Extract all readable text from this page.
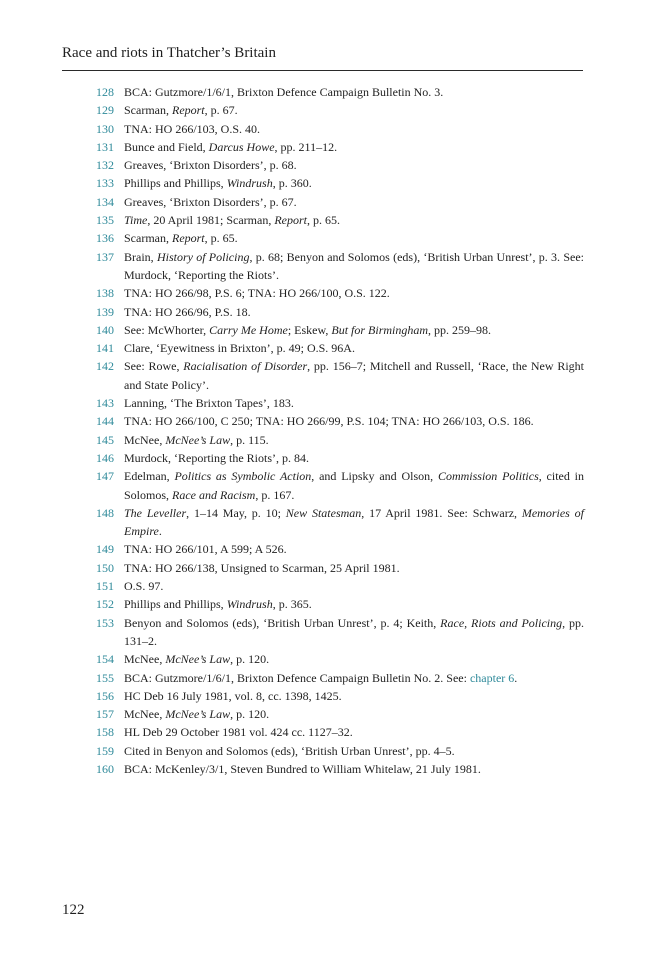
Race and riots in Thatcher’s Britain
128 BCA: Gutzmore/1/6/1, Brixton Defence Campaign Bulletin No. 3.
129 Scarman, Report, p. 67.
130 TNA: HO 266/103, O.S. 40.
131 Bunce and Field, Darcus Howe, pp. 211–12.
132 Greaves, ‘Brixton Disorders’, p. 68.
133 Phillips and Phillips, Windrush, p. 360.
134 Greaves, ‘Brixton Disorders’, p. 67.
135 Time, 20 April 1981; Scarman, Report, p. 65.
136 Scarman, Report, p. 65.
137 Brain, History of Policing, p. 68; Benyon and Solomos (eds), ‘British Urban Unrest’, p. 3. See: Murdock, ‘Reporting the Riots’.
138 TNA: HO 266/98, P.S. 6; TNA: HO 266/100, O.S. 122.
139 TNA: HO 266/96, P.S. 18.
140 See: McWhorter, Carry Me Home; Eskew, But for Birmingham, pp. 259–98.
141 Clare, ‘Eyewitness in Brixton’, p. 49; O.S. 96A.
142 See: Rowe, Racialisation of Disorder, pp. 156–7; Mitchell and Russell, ‘Race, the New Right and State Policy’.
143 Lanning, ‘The Brixton Tapes’, 183.
144 TNA: HO 266/100, C 250; TNA: HO 266/99, P.S. 104; TNA: HO 266/103, O.S. 186.
145 McNee, McNee’s Law, p. 115.
146 Murdock, ‘Reporting the Riots’, p. 84.
147 Edelman, Politics as Symbolic Action, and Lipsky and Olson, Commission Politics, cited in Solomos, Race and Racism, p. 167.
148 The Leveller, 1–14 May, p. 10; New Statesman, 17 April 1981. See: Schwarz, Memories of Empire.
149 TNA: HO 266/101, A 599; A 526.
150 TNA: HO 266/138, Unsigned to Scarman, 25 April 1981.
151 O.S. 97.
152 Phillips and Phillips, Windrush, p. 365.
153 Benyon and Solomos (eds), ‘British Urban Unrest’, p. 4; Keith, Race, Riots and Policing, pp. 131–2.
154 McNee, McNee’s Law, p. 120.
155 BCA: Gutzmore/1/6/1, Brixton Defence Campaign Bulletin No. 2. See: chapter 6.
156 HC Deb 16 July 1981, vol. 8, cc. 1398, 1425.
157 McNee, McNee’s Law, p. 120.
158 HL Deb 29 October 1981 vol. 424 cc. 1127–32.
159 Cited in Benyon and Solomos (eds), ‘British Urban Unrest’, pp. 4–5.
160 BCA: McKenley/3/1, Steven Bundred to William Whitelaw, 21 July 1981.
122
